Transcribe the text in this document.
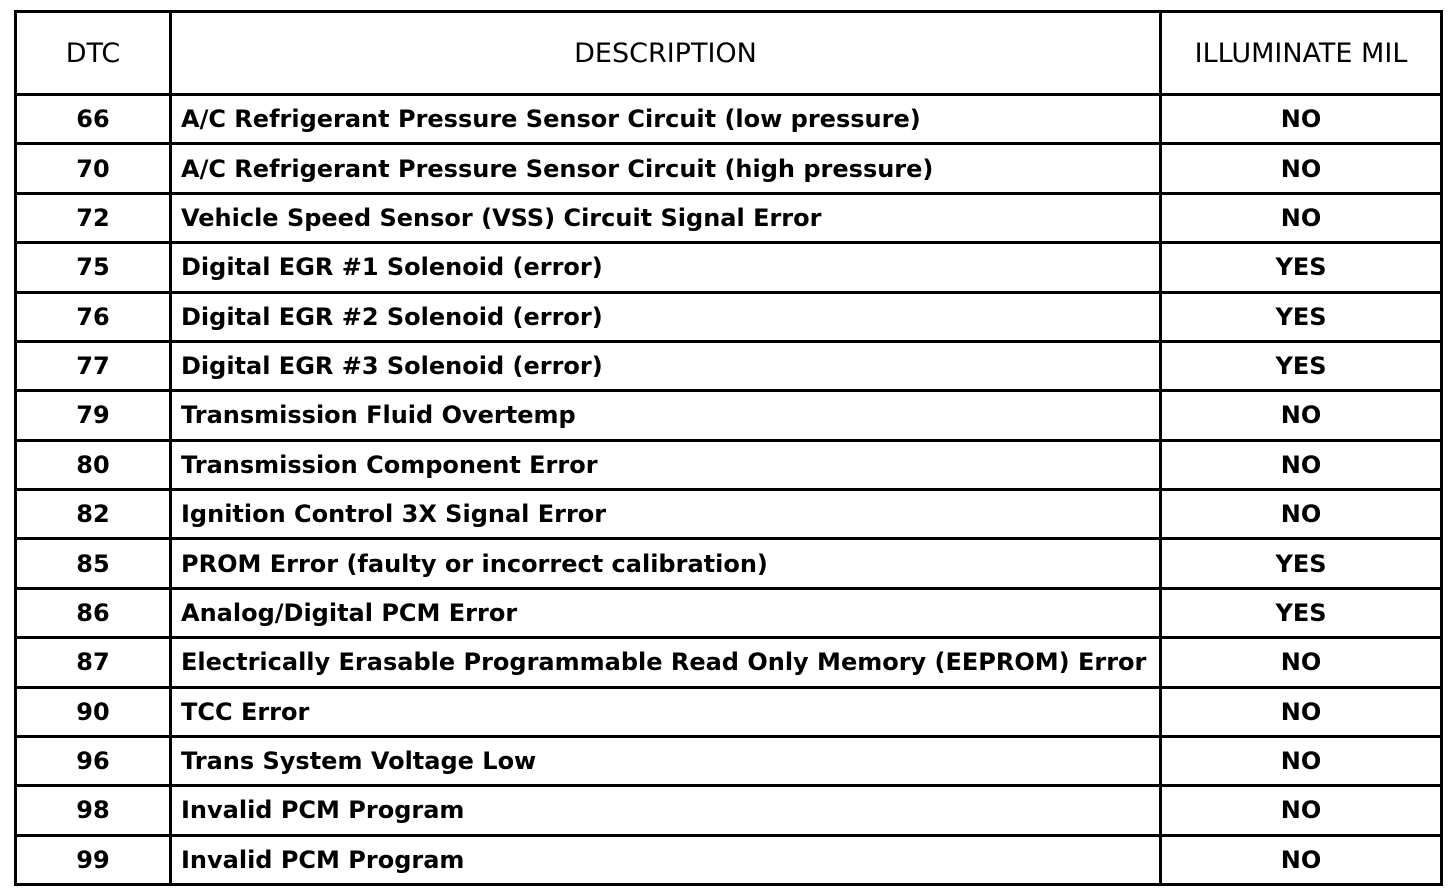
DTC	DESCRIPTION	ILLUMINATE MIL
66	A/C Refrigerant Pressure Sensor Circuit (low pressure)	NO
70	A/C Refrigerant Pressure Sensor Circuit (high pressure)	NO
72	Vehicle Speed Sensor (VSS) Circuit Signal Error	NO
75	Digital EGR #1 Solenoid (error)	YES
76	Digital EGR #2 Solenoid (error)	YES
77	Digital EGR #3 Solenoid (error)	YES
79	Transmission Fluid Overtemp	NO
80	Transmission Component Error	NO
82	Ignition Control 3X Signal Error	NO
85	PROM Error (faulty or incorrect calibration)	YES
86	Analog/Digital PCM Error	YES
87	Electrically Erasable Programmable Read Only Memory (EEPROM) Error	NO
90	TCC Error	NO
96	Trans System Voltage Low	NO
98	Invalid PCM Program	NO
99	Invalid PCM Program	NO
